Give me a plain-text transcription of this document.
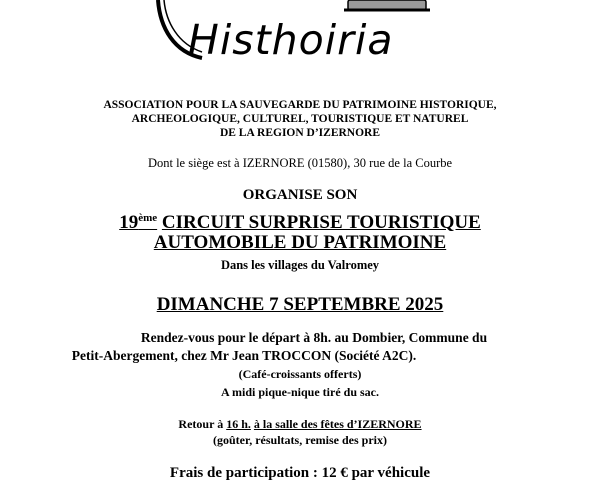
Histhoiria
ASSOCIATION POUR LA SAUVEGARDE DU PATRIMOINE HISTORIQUE,
ARCHEOLOGIQUE, CULTUREL, TOURISTIQUE ET NATUREL
DE LA REGION D’IZERNORE
Dont le siège est à IZERNORE (01580), 30 rue de la Courbe
ORGANISE SON
19ème CIRCUIT SURPRISE TOURISTIQUE
AUTOMOBILE DU PATRIMOINE
Dans les villages du Valromey
DIMANCHE 7 SEPTEMBRE 2025
Rendez-vous pour le départ à 8h. au Dombier, Commune du
Petit-Abergement, chez Mr Jean TROCCON (Société A2C).
(Café-croissants offerts)
A midi pique-nique tiré du sac.
Retour à 16 h. à la salle des fêtes d’IZERNORE
(goûter, résultats, remise des prix)
Frais de participation : 12 € par véhicule
